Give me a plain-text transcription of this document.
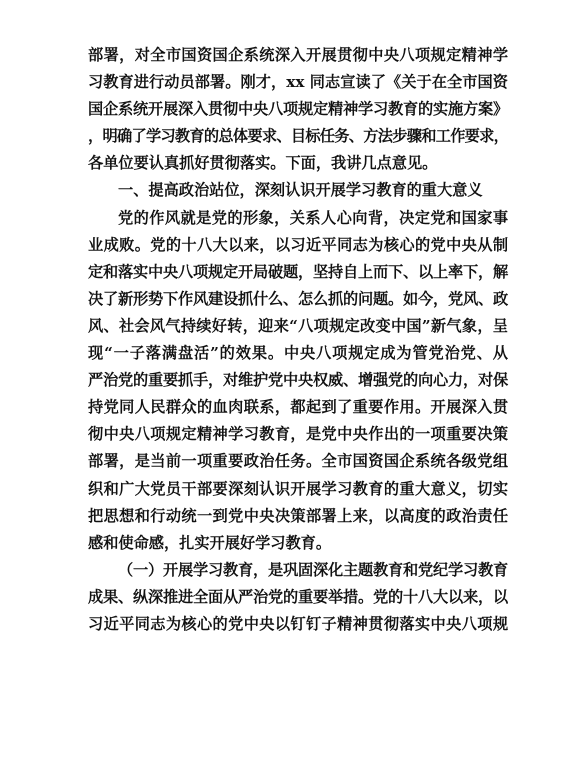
部署，对全市国资国企系统深入开展贯彻中央八项规定精神学
习教育进行动员部署。刚才，xx 同志宣读了《关于在全市国资
国企系统开展深入贯彻中央八项规定精神学习教育的实施方案》
，明确了学习教育的总体要求、目标任务、方法步骤和工作要求，
各单位要认真抓好贯彻落实。下面，我讲几点意见。
一、提高政治站位，深刻认识开展学习教育的重大意义
党的作风就是党的形象，关系人心向背，决定党和国家事
业成败。党的十八大以来，以习近平同志为核心的党中央从制
定和落实中央八项规定开局破题，坚持自上而下、以上率下，解
决了新形势下作风建设抓什么、怎么抓的问题。如今，党风、政
风、社会风气持续好转，迎来“八项规定改变中国”新气象，呈
现“一子落满盘活”的效果。中央八项规定成为管党治党、从
严治党的重要抓手，对维护党中央权威、增强党的向心力，对保
持党同人民群众的血肉联系，都起到了重要作用。开展深入贯
彻中央八项规定精神学习教育，是党中央作出的一项重要决策
部署，是当前一项重要政治任务。全市国资国企系统各级党组
织和广大党员干部要深刻认识开展学习教育的重大意义，切实
把思想和行动统一到党中央决策部署上来，以高度的政治责任
感和使命感，扎实开展好学习教育。
（一）开展学习教育，是巩固深化主题教育和党纪学习教育
成果、纵深推进全面从严治党的重要举措。党的十八大以来，以
习近平同志为核心的党中央以钉钉子精神贯彻落实中央八项规
